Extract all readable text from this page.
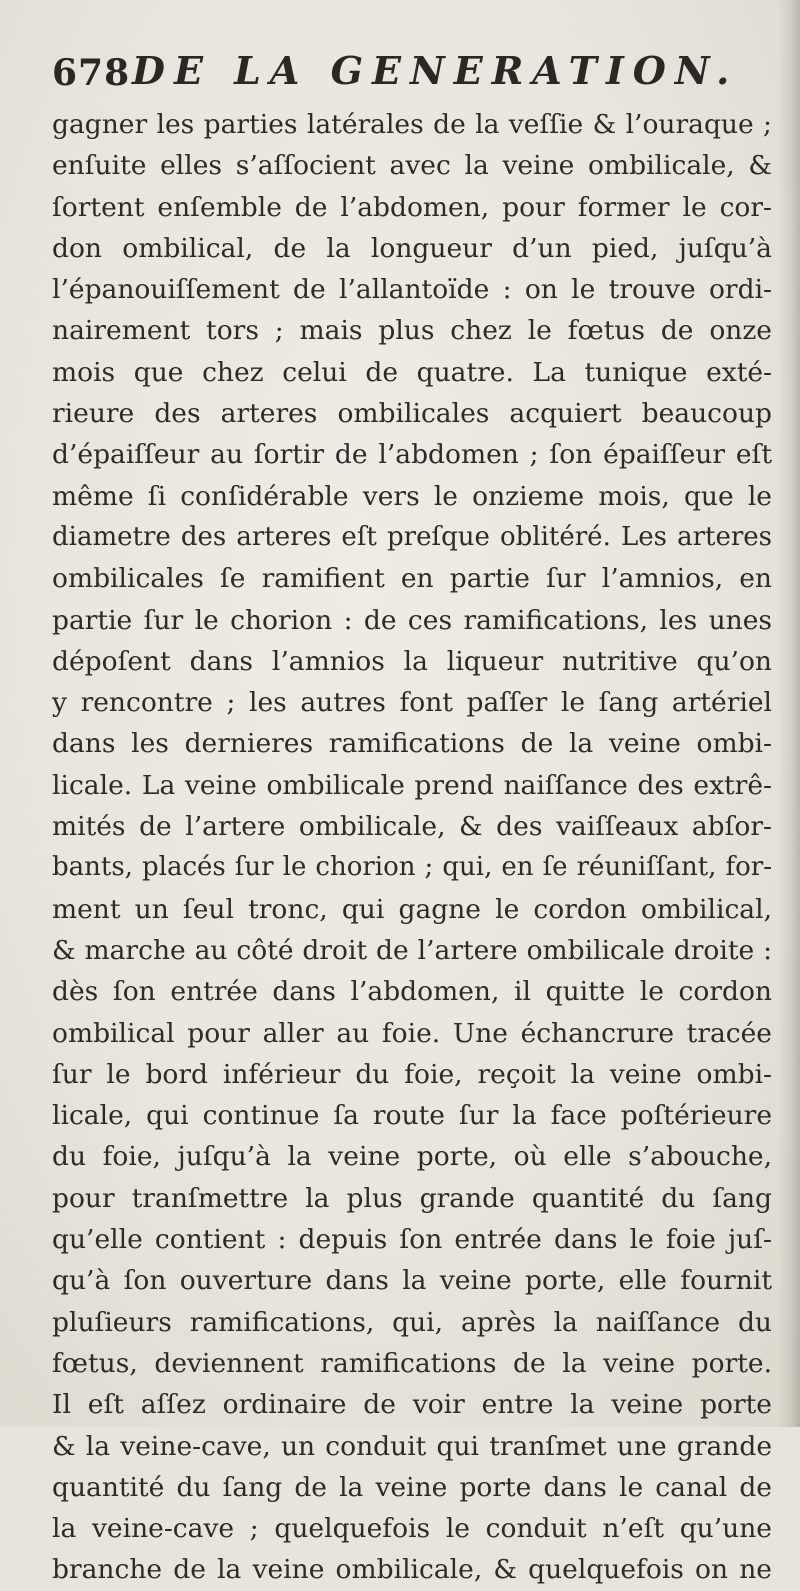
678 DE LA GENERATION.
gagner les parties latérales de la veſſie & l’ouraque ;
enſuite elles s’aſſocient avec la veine ombilicale, &
ſortent enſemble de l’abdomen, pour former le cor-
don ombilical, de la longueur d’un pied, juſqu’à
l’épanouiſſement de l’allantoïde : on le trouve ordi-
nairement tors ; mais plus chez le fœtus de onze
mois que chez celui de quatre. La tunique exté-
rieure des arteres ombilicales acquiert beaucoup
d’épaiſſeur au ſortir de l’abdomen ; ſon épaiſſeur eſt
même ſi conſidérable vers le onzieme mois, que le
diametre des arteres eſt preſque oblitéré. Les arteres
ombilicales ſe ramifient en partie ſur l’amnios, en
partie ſur le chorion : de ces ramifications, les unes
dépoſent dans l’amnios la liqueur nutritive qu’on
y rencontre ; les autres font paſſer le ſang artériel
dans les dernieres ramifications de la veine ombi-
licale. La veine ombilicale prend naiſſance des extrê-
mités de l’artere ombilicale, & des vaiſſeaux abſor-
bants, placés ſur le chorion ; qui, en ſe réuniſſant, for-
ment un ſeul tronc, qui gagne le cordon ombilical,
& marche au côté droit de l’artere ombilicale droite :
dès ſon entrée dans l’abdomen, il quitte le cordon
ombilical pour aller au foie. Une échancrure tracée
ſur le bord inférieur du foie, reçoit la veine ombi-
licale, qui continue ſa route ſur la face poſtérieure
du foie, juſqu’à la veine porte, où elle s’abouche,
pour tranſmettre la plus grande quantité du ſang
qu’elle contient : depuis ſon entrée dans le foie juſ-
qu’à ſon ouverture dans la veine porte, elle fournit
pluſieurs ramifications, qui, après la naiſſance du
fœtus, deviennent ramifications de la veine porte.
Il eſt aſſez ordinaire de voir entre la veine porte
& la veine-cave, un conduit qui tranſmet une grande
quantité du ſang de la veine porte dans le canal de
la veine-cave ; quelquefois le conduit n’eſt qu’une
branche de la veine ombilicale, & quelquefois on ne
